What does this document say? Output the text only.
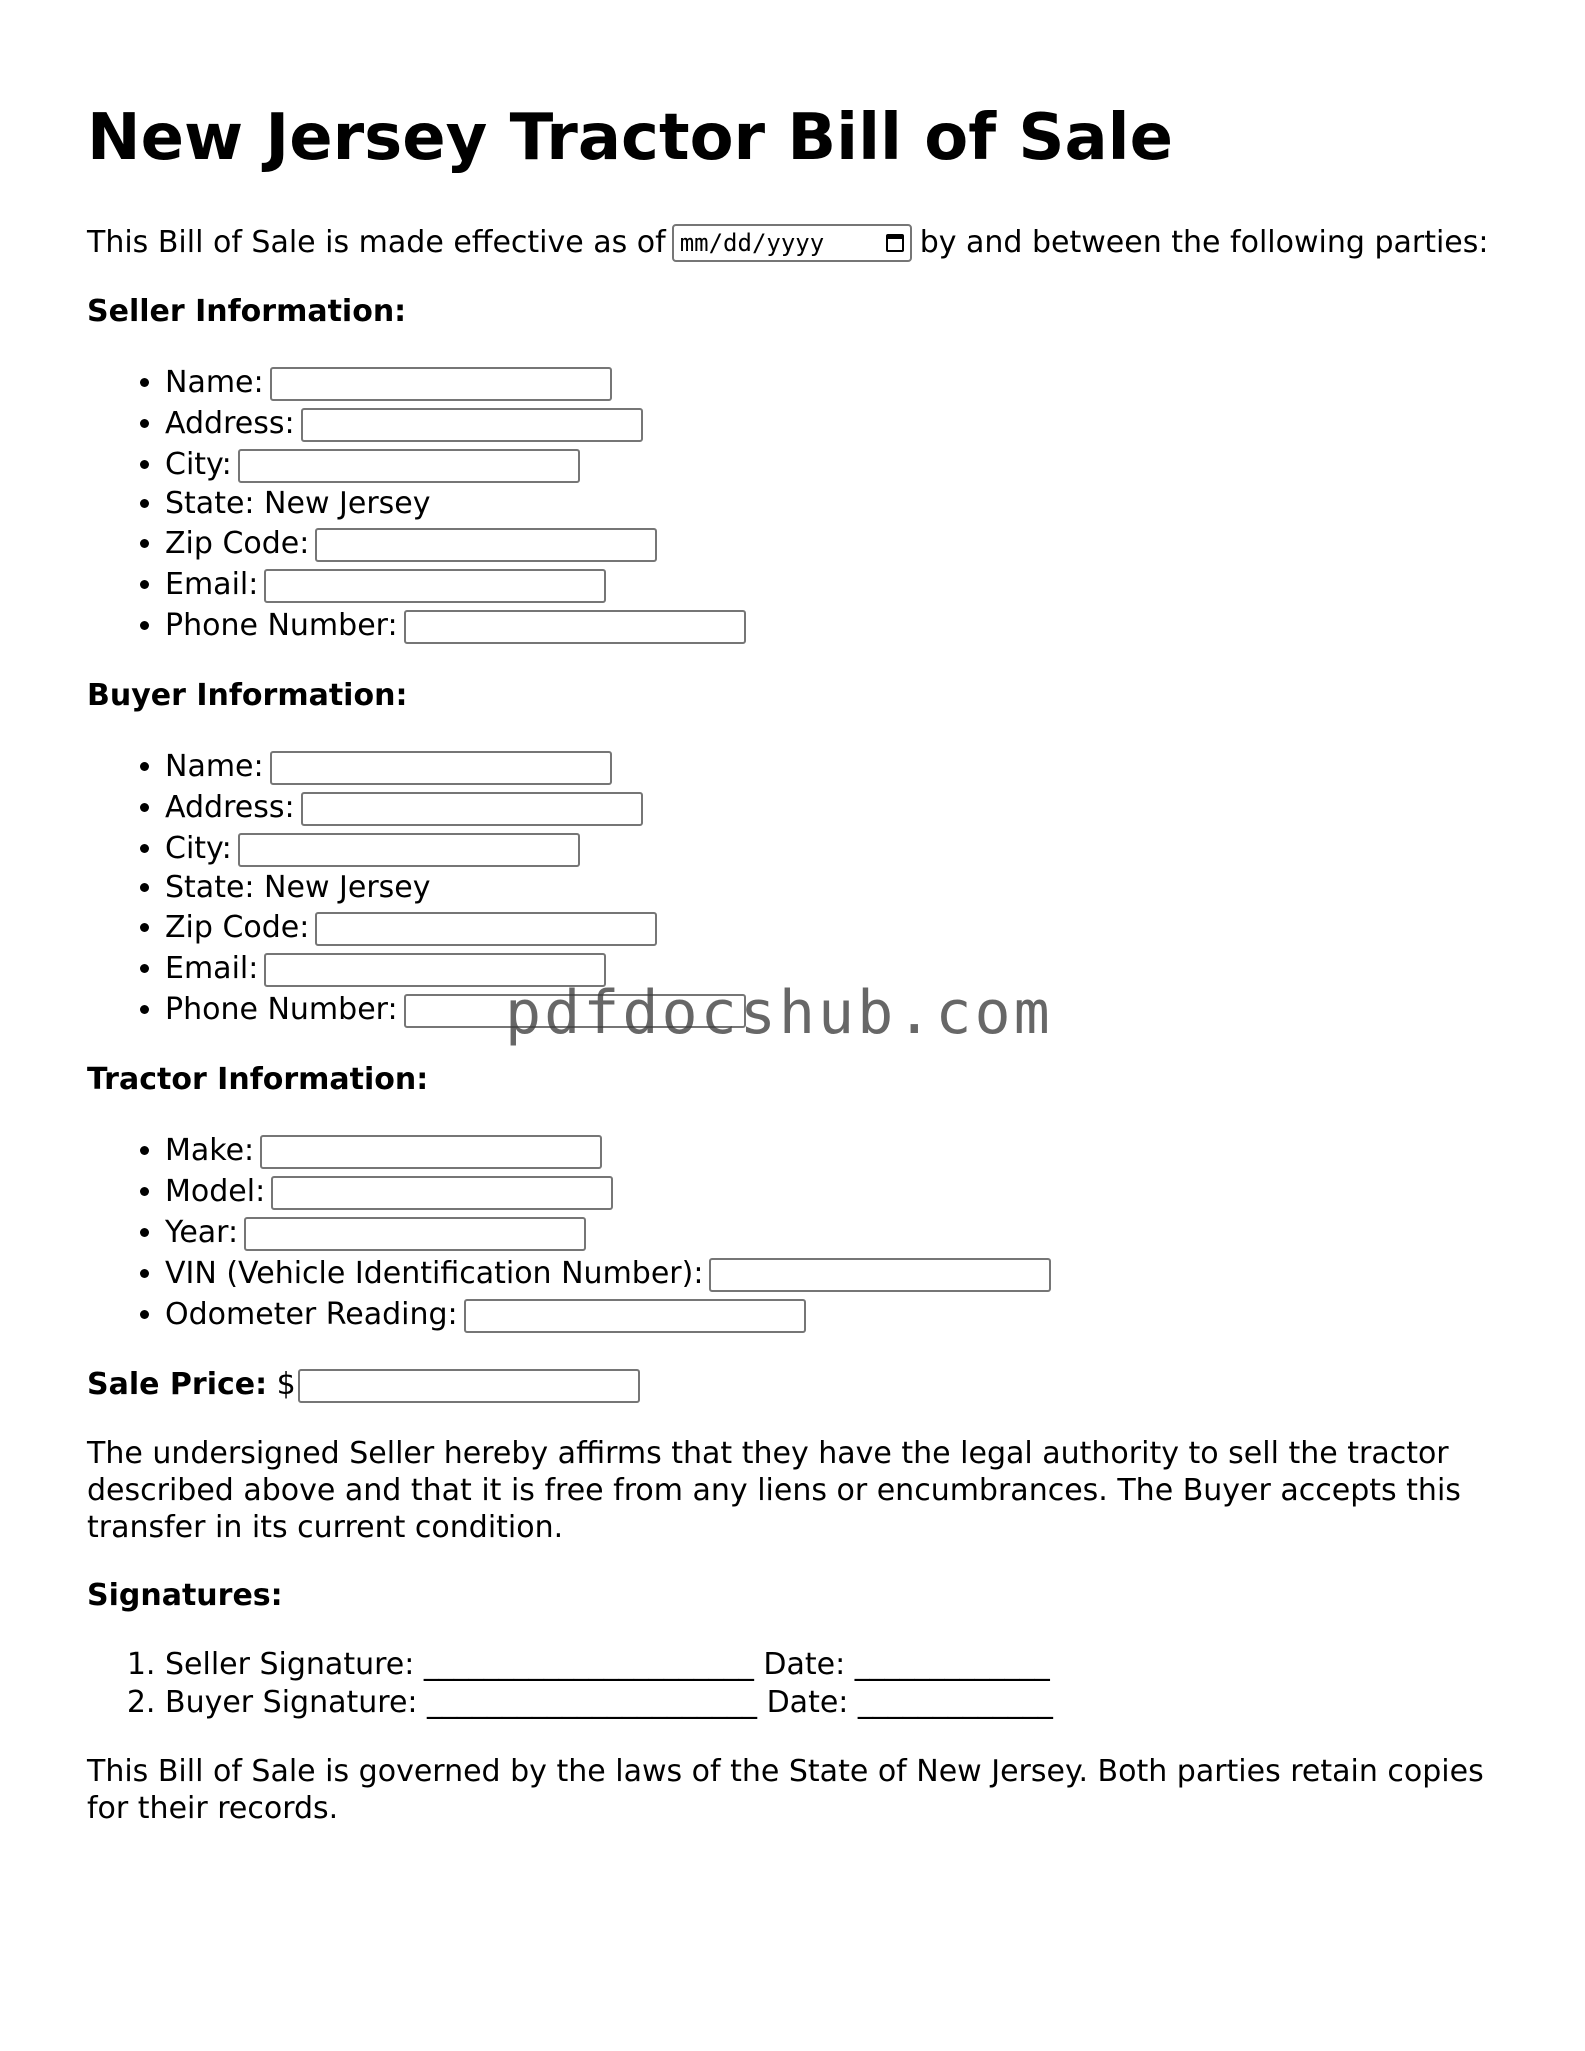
New Jersey Tractor Bill of Sale
This Bill of Sale is made effective as of mm/dd/yyyy	by and between the following parties:
Seller Information:
• Name:
• Address:
• City:
• State: New Jersey
• Zip Code:
• Email:
• Phone Number:
Buyer Information:
• Name:
• Address:
• City:
• State: New Jersey
• Zip Code:
• Email:
• Phone Number:
Tractor Information:
• Make:
• Model:
• Year:
• VIN (Vehicle Identification Number):
• Odometer Reading:
Sale Price: $

The undersigned Seller hereby affirms that they have the legal authority to sell the tractor described above and that it is free from any liens or encumbrances. The Buyer accepts this transfer in its current condition.

Signatures:
1. Seller Signature: ______________________ Date: _____________
2. Buyer Signature: ______________________ Date: _____________

This Bill of Sale is governed by the laws of the State of New Jersey. Both parties retain copies for their records.

pdfdocshub.com
